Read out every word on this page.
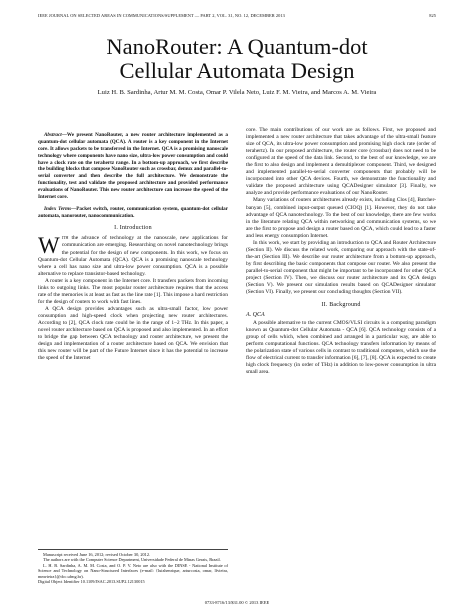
IEEE JOURNAL ON SELECTED AREAS IN COMMUNICATIONS/SUPPLEMENT — PART 2, VOL. 31, NO. 12, DECEMBER 2013	825
NanoRouter: A Quantum-dot
Cellular Automata Design
Luiz H. B. Sardinha, Artur M. M. Costa, Omar P. Vilela Neto, Luiz F. M. Vieira, and Marcos A. M. Vieira

Abstract—We present NanoRouter, a new router architecture implemented as a quantum-dot cellular automata (QCA). A router is a key component in the Internet core. It allows packets to be transferred in the Internet. QCA is a promising nanoscale technology where components have nano size, ultra-low power consumption and could have a clock rate on the terahertz range. In a bottom-up approach, we first describe the building blocks that compose NanoRouter such as crossbar, demux and parallel-to-serial converter and then describe the full architecture. We demonstrate the functionality, test and validate the proposed architecture and provided performance evaluations of NanoRouter. This new router architecture can increase the speed of the Internet core.

Index Terms—Packet switch, router, communication system, quantum-dot cellular automata, nanorouter, nanocommunication.

I. Introduction

With the advance of technology at the nanoscale, new applications for communication are emerging. Researching on novel nanotechnology brings the potential for the design of new components. In this work, we focus on Quantum-dot Cellular Automata (QCA). QCA is a promising nanoscale technology where a cell has nano size and ultra-low power consumption. QCA is a possible alternative to replace transistor-based technology.

A router is a key component in the Internet core. It transfers packets from incoming links to outgoing links. The most popular router architecture requires that the access rate of the memories is at least as fast as the line rate [1]. This impose a hard restriction for the design of routers to work with fast lines.

A QCA design provides advantages such as ultra-small factor, low power consumption and high-speed clock when projecting new router architectures. According to [2], QCA clock rate could be in the range of 1–2 THz. In this paper, a novel router architecture based on QCA is proposed and also implemented. In an effort to bridge the gap between QCA technology and router architecture, we present the design and implementation of a router architecture based on QCA. We envision that this new router will be part of the Future Internet since it has the potential to increase the speed of the Internet

core. The main contributions of our work are as follows. First, we proposed and implemented a new router architecture that takes advantage of the ultra-small feature size of QCA, its ultra-low power consumption and promising high clock rate (order of terahertz). In our proposed architecture, the router core (crossbar) does not need to be configured at the speed of the data link. Second, to the best of our knowledge, we are the first to also design and implement a demultiplexer component. Third, we designed and implemented parallel-to-serial converter components that probably will be incorporated into other QCA devices. Fourth, we demonstrate the functionality and validate the proposed architecture using QCADesigner simulator [3]. Finally, we analyze and provide performance evaluations of our NanoRouter.

Many variations of routers architectures already exists, including Clos [4], Batcher-banyan [5], combined input-output queued (CIOQ) [1]. However, they do not take advantage of QCA nanotechnology. To the best of our knowledge, there are few works in the literature relating QCA within networking and communication systems, so we are the first to propose and design a router based on QCA, which could lead to a faster and less energy consumption Internet.

In this work, we start by providing an introduction to QCA and Router Architecture (Section II). We discuss the related work, comparing our approach with the state-of-the-art (Section III). We describe our router architecture from a bottom-up approach, by first describing the basic components that compose our router. We also present the parallel-to-serial component that might be important to be incorporated for other QCA project (Section IV). Then, we discuss our router architecture and its QCA design (Section V). We present our simulation results based on QCADesigner simulator (Section VI). Finally, we present our concluding thoughts (Section VII).

II. Background
A. QCA

A possible alternative to the current CMOS/VLSI circuits is a computing paradigm known as Quantum-dot Cellular Automata - QCA [6]. QCA technology consists of a group of cells which, when combined and arranged in a particular way, are able to perform computational functions. QCA technology transfers information by means of the polarization state of various cells in contrast to traditional computers, which use the flow of electrical current to transfer information [6], [7], [8]. QCA is expected to create high clock frequency (in order of THz) in addition to low-power consumption in ultra small area.

Manuscript received June 16, 2012; revised October 30, 2012.

The authors are with the Computer Science Department, Universidade Federal de Minas Gerais, Brazil.

L. H. B. Sardinha, A. M. M. Costa, and O. P. V. Neto are also with the DINSE - National Institute of Science and Technology on Nano-Structured Interfaces (e-mail: {luizhenrique, arturcosta, omar, lfvieira, mmvieira}@dcc.ufmg.br).

Digital Object Identifier 10.1109/JSAC.2013.SUP2.12130015

0733-8716/13/$31.00 © 2013 IEEE
